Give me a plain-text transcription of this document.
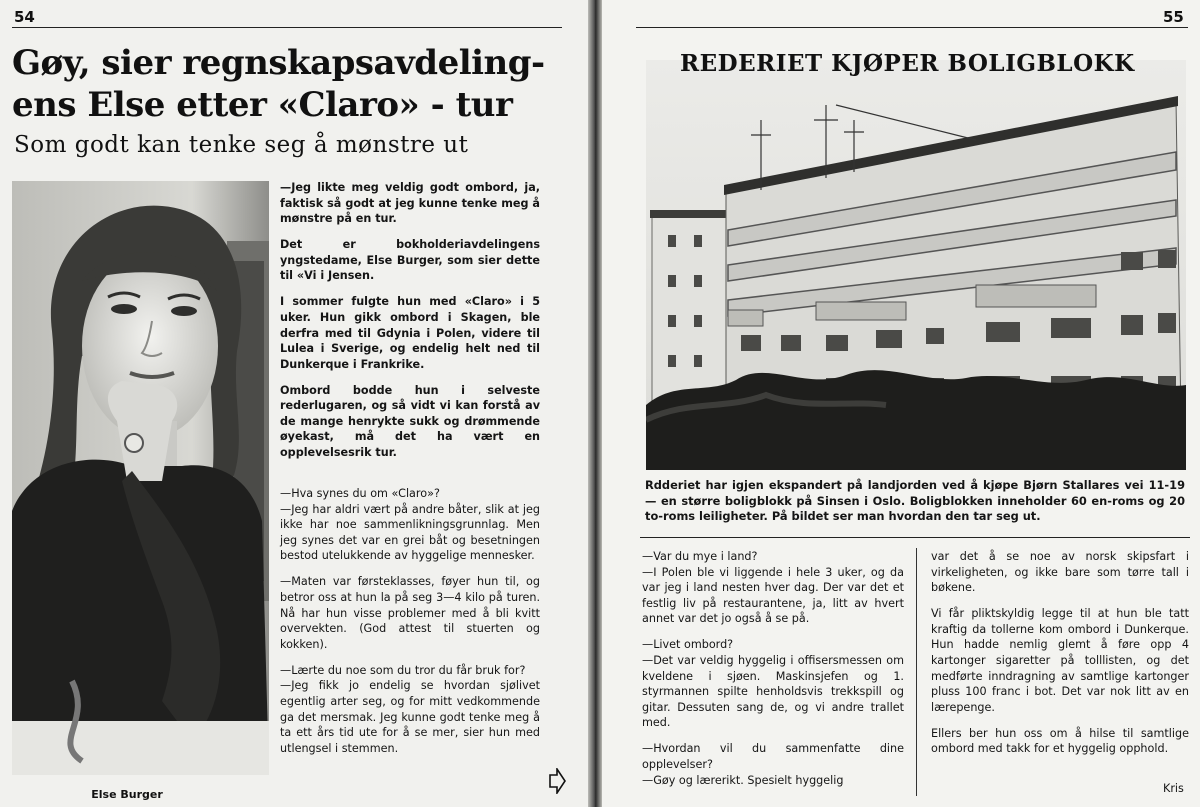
54
Gøy, sier regnskapsavdeling-
ens Else etter «Claro» - tur
Som godt kan tenke seg å mønstre ut
Else Burger

—Jeg likte meg veldig godt ombord, ja, faktisk så godt at jeg kunne tenke meg å mønstre på en tur.

Det er bokholderiavdelingens yngstedame, Else Burger, som sier dette til «Vi i Jensen.

I sommer fulgte hun med «Claro» i 5 uker. Hun gikk ombord i Skagen, ble derfra med til Gdynia i Polen, videre til Lulea i Sverige, og endelig helt ned til Dunkerque i Frankrike.

Ombord bodde hun i selveste rederlugaren, og så vidt vi kan forstå av de mange henrykte sukk og drømmende øyekast, må det ha vært en opplevelsesrik tur.

—Hva synes du om «Claro»?

—Jeg har aldri vært på andre båter, slik at jeg ikke har noe sammenlikningsgrunnlag. Men jeg synes det var en grei båt og besetningen bestod utelukkende av hyggelige mennesker.

—Maten var førsteklasses, føyer hun til, og betror oss at hun la på seg 3—4 kilo på turen. Nå har hun visse problemer med å bli kvitt overvekten. (God attest til stuerten og kokken).

—Lærte du noe som du tror du får bruk for?

—Jeg fikk jo endelig se hvordan sjølivet egentlig arter seg, og for mitt vedkommende ga det mersmak. Jeg kunne godt tenke meg å ta ett års tid ute for å se mer, sier hun med utlengsel i stemmen.

55
REDERIET KJØPER BOLIGBLOKK
Rdderiet har igjen ekspandert på landjorden ved å kjøpe Bjørn Stallares vei 11-19 — en større boligblokk på Sinsen i Oslo. Boligblokken inneholder 60 en-roms og 20 to-roms leiligheter. På bildet ser man hvordan den tar seg ut.

—Var du mye i land?

—I Polen ble vi liggende i hele 3 uker, og da var jeg i land nesten hver dag. Der var det et festlig liv på restaurantene, ja, litt av hvert annet var det jo også å se på.

—Livet ombord?

—Det var veldig hyggelig i offisersmessen om kveldene i sjøen. Maskinsjefen og 1. styrmannen spilte henholdsvis trekkspill og gitar. Dessuten sang de, og vi andre trallet med.

—Hvordan vil du sammenfatte dine opplevelser?

—Gøy og lærerikt. Spesielt hyggelig

var det å se noe av norsk skipsfart i virkeligheten, og ikke bare som tørre tall i bøkene.

Vi får pliktskyldig legge til at hun ble tatt kraftig da tollerne kom ombord i Dunkerque. Hun hadde nemlig glemt å føre opp 4 kartonger sigaretter på tolllisten, og det medførte inndragning av samtlige kartonger pluss 100 franc i bot. Det var nok litt av en lærepenge.

Ellers ber hun oss om å hilse til samtlige ombord med takk for et hyggelig opphold.

Kris
